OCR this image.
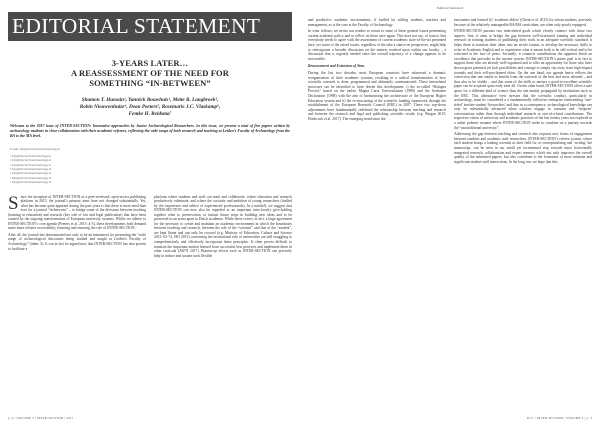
EDITORIAL STATEMENT
3-YEARS LATER…
A REASSESSMENT OF THE NEED FOR
SOMETHING “IN-BETWEEN”
Shamon T. Hussain¹, Yannick Bouwhuis², Mette B. Langbroek³,
Robin Nieuwenhuize⁴, Dean Peeters⁵, Rosemarie J.C. Vlaskamp⁶,
Femke H. Reidsma⁷
Welcome to the 2017 issue of INTER-SECTION: Innovative approaches by Junior Archaeological Researchers. In this issue, we present a total of five papers written by archaeology students in close collaboration with their academic referees, reflecting the wide range of both research and teaching at Leiden’s Faculty of Archaeology from the BA to the MA level.
E-mail: info@InterSectionArchaeology.nl
¹ info@intersectionarchaeology.nl
² info@intersectionarchaeology.nl
³ info@intersectionarchaeology.nl
⁴ info@intersectionarchaeology.nl
⁵ info@intersectionarchaeology.nl
⁶ info@intersectionarchaeology.nl
⁷ info@intersectionarchaeology.nl

Since the inception of INTER-SECTION as a peer-reviewed, open-access publishing platform in 2015, the journal’s primary aims have not changed substantially. Yet, what has become quite apparent during the past years is that there is more need than ever for a journal “in-between” – to bridge some of the divisions between teaching (training in education) and research (key role of fair and legal publication) that have been created by the ongoing transformation of European university systems. Whilst we adhere to INTER-SECTION’s core agenda (Peeters et al. 2015: 4-5), these developments both demand some more relative accessibility, fostering and ensuring the role of INTER-SECTION.

After all, the journal has demonstrated not only to be an instrument for presenting the “wide range of archaeological discourses being studied and taught at Leiden’s Faculty of Archaeology” (idem: 5). It can in fact be argued now that INTER-SECTION has also proven to facilitate a

platform where students and staff can meet and collaborate, where education and research productively culminate, and where the curiosity and ambition of young researchers (fuelled by the experience and advice of experienced professionals). In a nutshell, we suggest that INTER-SECTION can now also be regarded as an important inter-faculty give-holding together what is, preservation, to initiate future steps in building new ideas and to be preserved as an arena apart to Dutch academia. While these voices, in fact, a large agreement for the necessity to create and maintain an academic environment in which the boundaries between teaching and research, between the role of the “scientist” and that of the “student”, are kept fluent and can only be crossed (e.g. Ministry of Education, Culture and Science 2015: 63-74, ISO 2013) concerning the institutional role of universities are still struggling to comprehensively and effectively incorporate these principles. It often proves difficult to translate the important motion learned from successful best practices and implement these in other curricula (AWTI 2017). Bottom-up efforts such as INTER-SECTION can precisely help to induce and sustain such flexible

p. 2 | VOLUME 3 | INTER-SECTION | 2017
Editorial Statement

and productive academic environments, if fuelled by willing students, teachers and management, as is the case at the Faculty of Archaeology.

In what follows, we invite our readers to return to some of these general issues permeating current academic policy and to reflect on them once again. This does not say, of course, that everybody needs to agree with the assessment of current academic state-of-the-art presented here, yet some of the raised issues, regardless of the take a stance on perspective, might help to reinvigorate a broader discussion on the matters touched upon within our faculty – a discussion that is urgently needed since the overall trajectory of a change appears to be irreversible.

Reassessment and Extension of Aims

During the last two decades, most European countries have witnessed a dramatic reorganisation of their academic systems, resulting in a radical transformation of how scientific research is done, programmed and ultimately communicated. These interrelated processes can be identified to have driven this development: i) the so-called “Bologna Process” based on the earlier Magna Carta Universitatum (1988) and the Sorbonne Declaration (1998) with the aim of harmonising the architecture of the European Higher Education system and ii) the re-structuring of the scientific funding framework through the establishment of the European Research Council (ERC) in 2007. These two top-down adjustments have fundamentally redefined the relationship between teaching and research and between the research and legal and publishing scientific results (e.g. Bergan 2015; Hitchcock et al. 2017). The emerging trend since the

encounters and formed (f) ‘academic elders’ (Ghent et al. 2015) for whom students, precisely because of the relatively manageable BA/MA curriculum, are often only poorly equipped.

INTER-SECTION pursues two interrelated goals which closely connect with those two aspects: first, it aims to bridge the gap between well-structured training and individual research in training students in publishing their work in an adequate scientific standard; it helps them to translate their ideas into an article format, to develop the necessary skills to write in Academic English and to experience what it means both to be self-critical and to be criticised at the face of peers. Secondly, it connects contributions the apparent fetish on excellence that pervades in the current system. INTER-SECTION’s prime goal is in fact to support those who are already well-organised and to offer an opportunity for those who have shown great potential yet lack possibilities and courage to simply shy away from high-impact journals and their self-proclaimed elites. On the one hand, our agenda hence reflects the conviction that one stands to benefit from the outreach of the best and most talented – and thus also to be visible – and that some of the skills to nurture a good-to-excellent scientific paper can be acquired quite early after all. On the other hand, INTER-SECTION offers a safe space for a different kind of science than the one mainly propagated by institutions such as the ERC. This alternative view stresses that the scientific conduct, particularly in archaeology, must be considered a a fundamentally collective enterprise transcending ‘one-sided’ teacher-student ‘hierarchies’ and thus as a consequence, archaeological knowledge can only be substantially advanced when scholars engage in constant and ‘frequent’ conversations rather than through individual research or one-of-a-kind contributions. The respective vision of university and academic practices of the last twenty years are explored in a rather polemic manner where INTER-SECTION seeks to combine on a journey towards the “unconditional university”.

Addressing the gap between teaching and research also requires new forms of engagement between students and academic staff researchers. INTER-SECTION’s referee system, where each student brings a leading scientist in their field for co-conceptualising and ‘writing’ the manuscript, can be seen in our small yet incremental step towards more horizontally integrated research; collaboration and expert mentors which not only improves the overall quality of the submitted papers, but also contribute to the formation of more intimate and significant student-staff interactions. In the long run, we hope that this

2017 | INTER-SECTION | VOLUME 3 | p. 3
